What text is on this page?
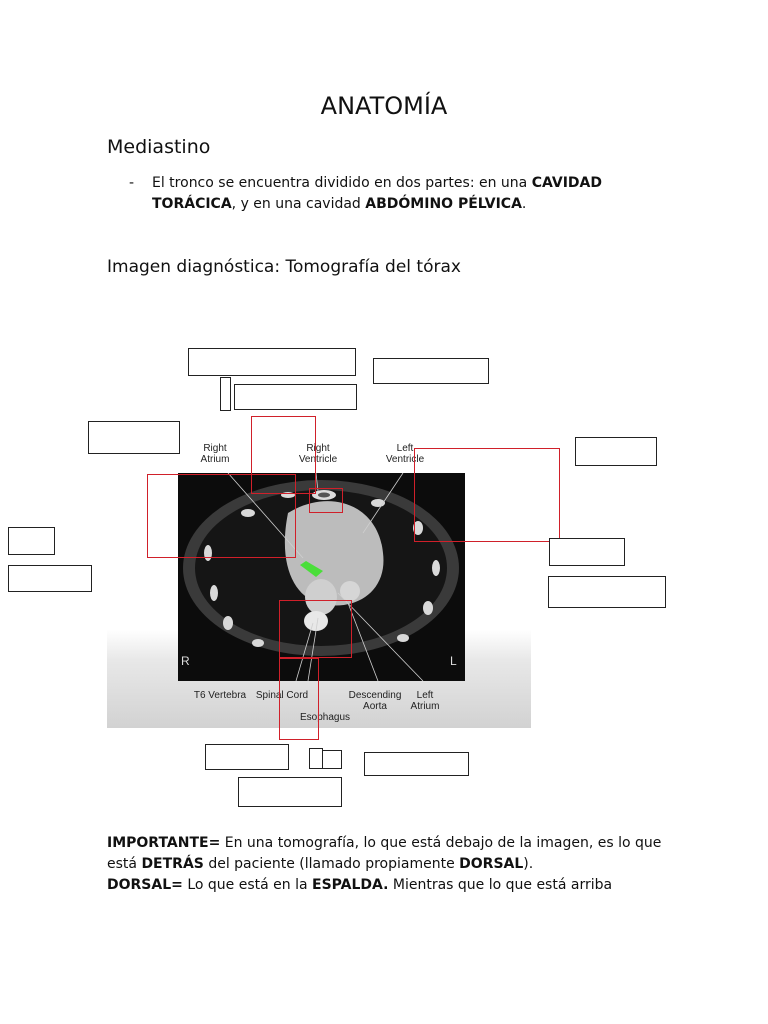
ANATOMÍA
Mediastino
- El tronco se encuentra dividido en dos partes: en una CAVIDAD TORÁCICA, y en una cavidad ABDÓMINO PÉLVICA.
Imagen diagnóstica: Tomografía del tórax
R	L
Right
Atrium
Right
Ventricle
Left
Ventricle
T6 Vertebra Spinal Cord
Esophagus
Descending
Aorta
Left
Atrium
IMPORTANTE= En una tomografía, lo que está debajo de la imagen, es lo que está DETRÁS del paciente (llamado propiamente DORSAL).
DORSAL= Lo que está en la ESPALDA. Mientras que lo que está arriba
